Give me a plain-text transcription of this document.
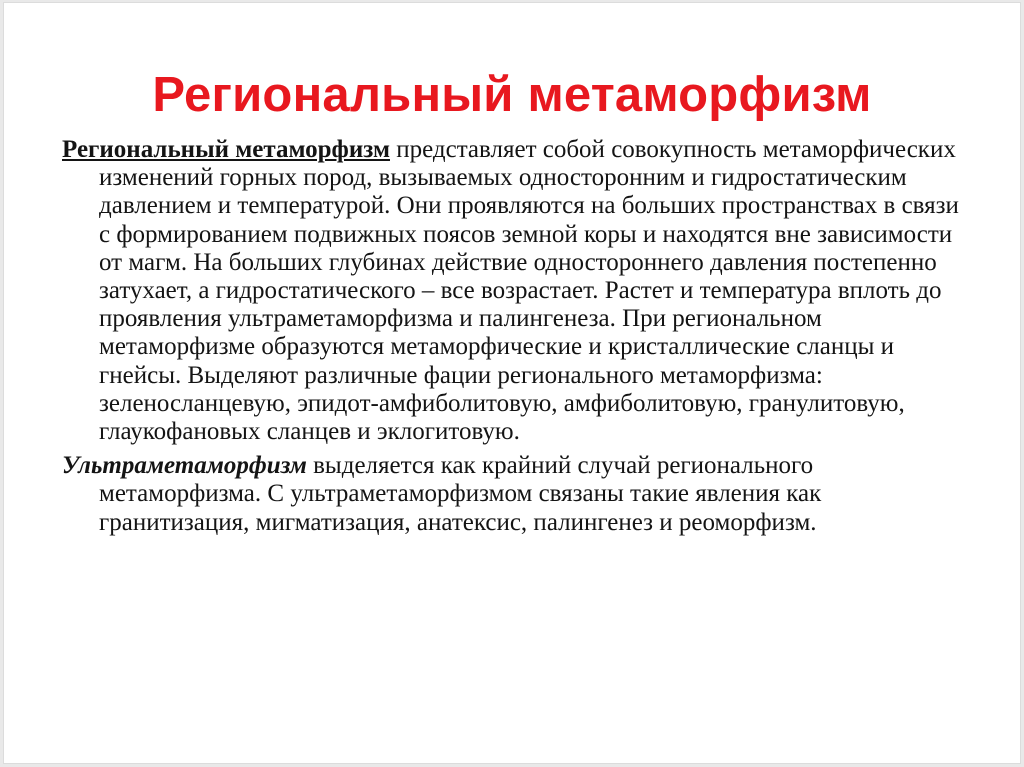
Региональный метаморфизм

Региональный метаморфизм представляет собой совокупность метаморфических изменений горных пород, вызываемых односторонним и гидростатическим давлением и температурой. Они проявляются на больших пространствах в связи с формированием подвижных поясов земной коры и находятся вне зависимости от магм. На больших глубинах действие одностороннего давления постепенно затухает, а гидростатического – все возрастает. Растет и температура вплоть до проявления ультраметаморфизма и палингенеза. При региональном метаморфизме образуются метаморфические и кристаллические сланцы и гнейсы. Выделяют различные фации регионального метаморфизма: зеленосланцевую, эпидот-амфиболитовую, амфиболитовую, гранулитовую, глаукофановых сланцев и эклогитовую.

Ультраметаморфизм выделяется как крайний случай регионального метаморфизма. С ультраметаморфизмом связаны такие явления как гранитизация, мигматизация, анатексис, палингенез и реоморфизм.
